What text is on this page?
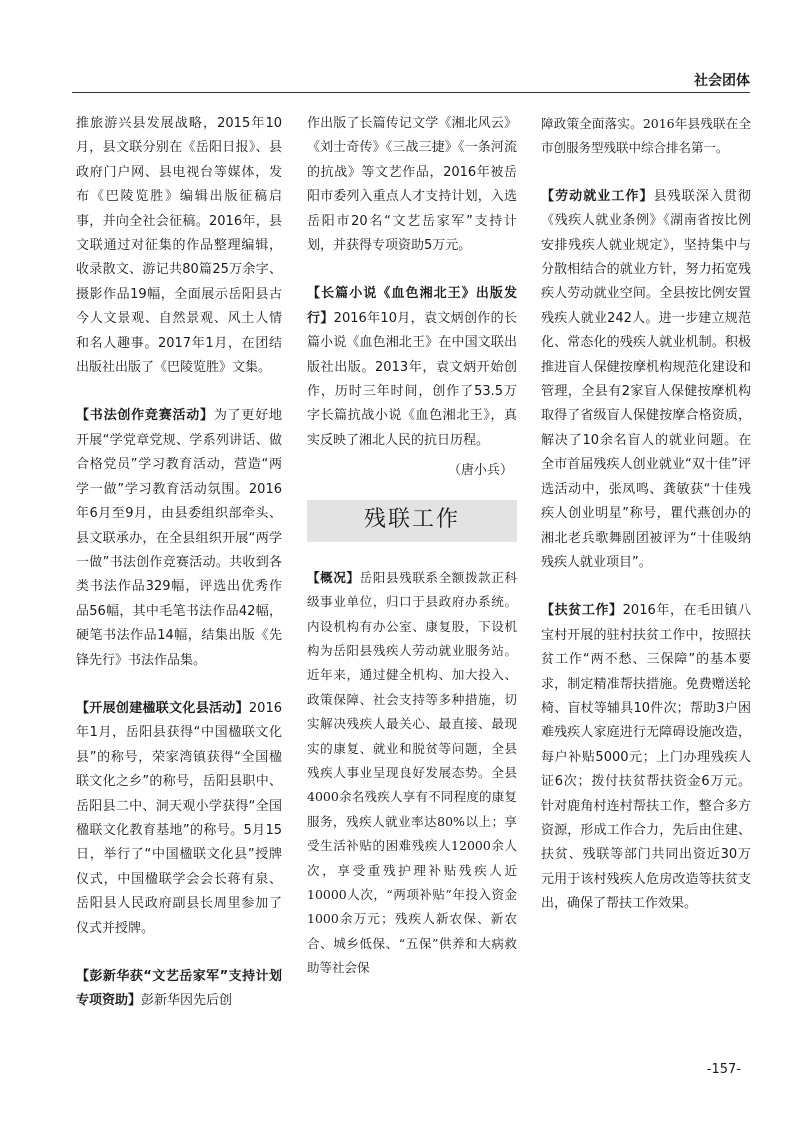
社会团体

推旅游兴县发展战略，2015年10月，县文联分别在《岳阳日报》、县政府门户网、县电视台等媒体，发布《巴陵览胜》编辑出版征稿启事，并向全社会征稿。2016年，县文联通过对征集的作品整理编辑，收录散文、游记共80篇25万余字、摄影作品19幅，全面展示岳阳县古今人文景观、自然景观、风土人情和名人趣事。2017年1月，在团结出版社出版了《巴陵览胜》文集。

【书法创作竞赛活动】为了更好地开展“学党章党规、学系列讲话、做合格党员”学习教育活动，营造“两学一做”学习教育活动氛围。2016年6月至9月，由县委组织部牵头、县文联承办，在全县组织开展“两学一做”书法创作竞赛活动。共收到各类书法作品329幅，评选出优秀作品56幅，其中毛笔书法作品42幅，硬笔书法作品14幅，结集出版《先锋先行》书法作品集。

【开展创建楹联文化县活动】2016年1月，岳阳县获得“中国楹联文化县”的称号，荣家湾镇获得“全国楹联文化之乡”的称号，岳阳县职中、岳阳县二中、洞天观小学获得“全国楹联文化教育基地”的称号。5月15日，举行了“中国楹联文化县”授牌仪式，中国楹联学会会长蒋有泉、岳阳县人民政府副县长周里参加了仪式并授牌。

【彭新华获“文艺岳家军”支持计划专项资助】彭新华因先后创

作出版了长篇传记文学《湘北风云》《刘士奇传》《三战三捷》《一条河流的抗战》等文艺作品，2016年被岳阳市委列入重点人才支持计划，入选岳阳市20名“文艺岳家军”支持计划，并获得专项资助5万元。

【长篇小说《血色湘北王》出版发行】2016年10月，袁文炳创作的长篇小说《血色湘北王》在中国文联出版社出版。2013年，袁文炳开始创作，历时三年时间，创作了53.5万字长篇抗战小说《血色湘北王》，真实反映了湘北人民的抗日历程。

（唐小兵）

残联工作

【概况】岳阳县残联系全额拨款正科级事业单位，归口于县政府办系统。内设机构有办公室、康复股，下设机构为岳阳县残疾人劳动就业服务站。近年来，通过健全机构、加大投入、政策保障、社会支持等多种措施，切实解决残疾人最关心、最直接、最现实的康复、就业和脱贫等问题，全县残疾人事业呈现良好发展态势。全县4000余名残疾人享有不同程度的康复服务，残疾人就业率达80%以上；享受生活补贴的困难残疾人12000余人次，享受重残护理补贴残疾人近10000人次，“两项补贴”年投入资金1000余万元；残疾人新农保、新农合、城乡低保、“五保”供养和大病救助等社会保

障政策全面落实。2016年县残联在全市创服务型残联中综合排名第一。

【劳动就业工作】县残联深入贯彻《残疾人就业条例》《湖南省按比例安排残疾人就业规定》，坚持集中与分散相结合的就业方针，努力拓宽残疾人劳动就业空间。全县按比例安置残疾人就业242人。进一步建立规范化、常态化的残疾人就业机制。积极推进盲人保健按摩机构规范化建设和管理，全县有2家盲人保健按摩机构取得了省级盲人保健按摩合格资质，解决了10余名盲人的就业问题。在全市首届残疾人创业就业“双十佳”评选活动中，张凤鸣、龚敏获“十佳残疾人创业明星”称号，瞿代燕创办的湘北老兵歌舞剧团被评为“十佳吸纳残疾人就业项目”。

【扶贫工作】2016年，在毛田镇八宝村开展的驻村扶贫工作中，按照扶贫工作“两不愁、三保障”的基本要求，制定精准帮扶措施。免费赠送轮椅、盲杖等辅具10件次；帮助3户困难残疾人家庭进行无障碍设施改造，每户补贴5000元；上门办理残疾人证6次；拨付扶贫帮扶资金6万元。针对鹿角村连村帮扶工作，整合多方资源，形成工作合力，先后由住建、扶贫、残联等部门共同出资近30万元用于该村残疾人危房改造等扶贫支出，确保了帮扶工作效果。

-157-
